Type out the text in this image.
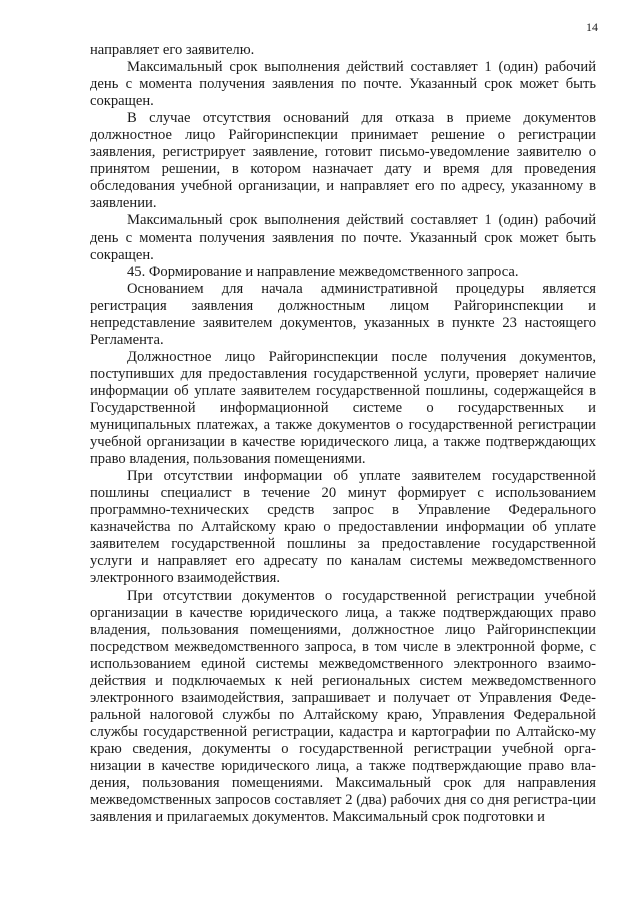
14

направляет его заявителю.

Максимальный срок выполнения действий составляет 1 (один) рабочий день с момента получения заявления по почте. Указанный срок может быть сокращен.

В случае отсутствия оснований для отказа в приеме документов должностное лицо Райгоринспекции принимает решение о регистрации заявления, регистрирует заявление, готовит письмо-уведомление заявителю о принятом решении, в котором назначает дату и время для проведения обследования учебной организации, и направляет его по адресу, указанному в заявлении.

Максимальный срок выполнения действий составляет 1 (один) рабочий день с момента получения заявления по почте. Указанный срок может быть сокращен.

45. Формирование и направление межведомственного запроса.

Основанием для начала административной процедуры является регистрация заявления должностным лицом Райгоринспекции и непредставление заявителем документов, указанных в пункте 23 настоящего Регламента.

Должностное лицо Райгоринспекции после получения документов, поступивших для предоставления государственной услуги, проверяет наличие информации об уплате заявителем государственной пошлины, содержащейся в Государственной информационной системе о государственных и муниципальных платежах, а также документов о государственной регистрации учебной организации в качестве юридического лица, а также подтверждающих право владения, пользования помещениями.

При отсутствии информации об уплате заявителем государственной пошлины специалист в течение 20 минут формирует с использованием программно-технических средств запрос в Управление Федерального казначейства по Алтайскому краю о предоставлении информации об уплате заявителем государственной пошлины за предоставление государственной услуги и направляет его адресату по каналам системы межведомственного электронного взаимодействия.

При отсутствии документов о государственной регистрации учебной организации в качестве юридического лица, а также подтверждающих право владения, пользования помещениями, должностное лицо Райгоринспекции посредством межведомственного запроса, в том числе в электронной форме, с использованием единой системы межведомственного электронного взаимо-действия и подключаемых к ней региональных систем межведомственного электронного взаимодействия, запрашивает и получает от Управления Феде-ральной налоговой службы по Алтайскому краю, Управления Федеральной службы государственной регистрации, кадастра и картографии по Алтайско-му краю сведения, документы о государственной регистрации учебной орга-низации в качестве юридического лица, а также подтверждающие право вла-дения, пользования помещениями. Максимальный срок для направления межведомственных запросов составляет 2 (два) рабочих дня со дня регистра-ции заявления и прилагаемых документов. Максимальный срок подготовки и
